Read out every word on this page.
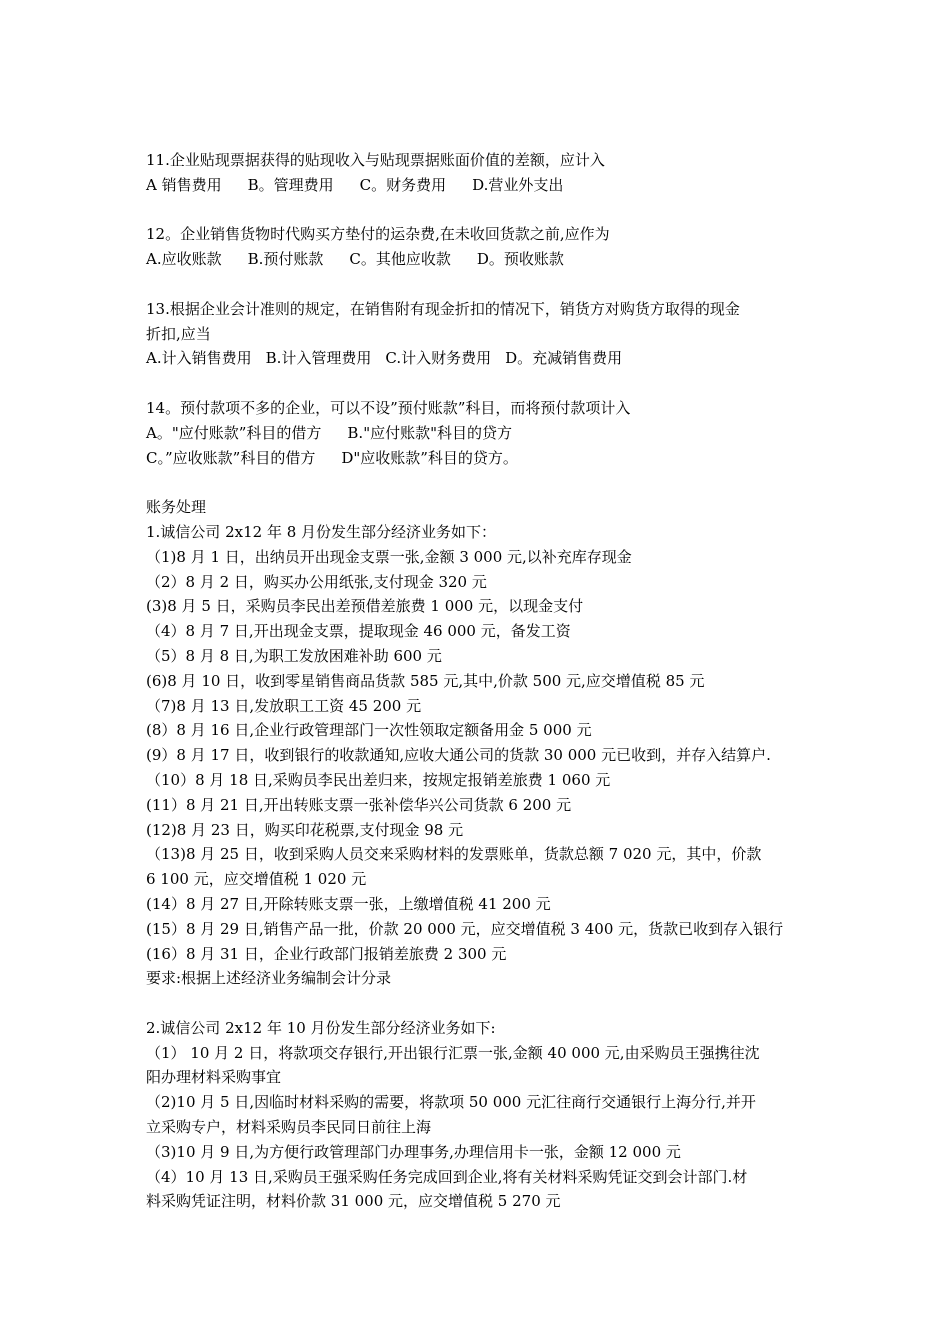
11.企业贴现票据获得的贴现收入与贴现票据账面价值的差额，应计入
A 销售费用 B。管理费用 C。财务费用 D.营业外支出
12。企业销售货物时代购买方垫付的运杂费,在未收回货款之前,应作为
A.应收账款 B.预付账款 C。其他应收款 D。预收账款
13.根据企业会计准则的规定，在销售附有现金折扣的情况下，销货方对购货方取得的现金
折扣,应当
A.计入销售费用 B.计入管理费用 C.计入财务费用 D。充减销售费用
14。预付款项不多的企业，可以不设”预付账款”科目，而将预付款项计入
A。"应付账款”科目的借方 B."应付账款"科目的贷方
C。”应收账款”科目的借方 D"应收账款”科目的贷方。
账务处理
1.诚信公司 2x12 年 8 月份发生部分经济业务如下：
（1)8 月 1 日，出纳员开出现金支票一张,金额 3 000 元,以补充库存现金
（2）8 月 2 日，购买办公用纸张,支付现金 320 元
(3)8 月 5 日，采购员李民出差预借差旅费 1 000 元，以现金支付
（4）8 月 7 日,开出现金支票，提取现金 46 000 元，备发工资
（5）8 月 8 日,为职工发放困难补助 600 元
(6)8 月 10 日，收到零星销售商品货款 585 元,其中,价款 500 元,应交增值税 85 元
（7)8 月 13 日,发放职工工资 45 200 元
(8）8 月 16 日,企业行政管理部门一次性领取定额备用金 5 000 元
(9）8 月 17 日，收到银行的收款通知,应收大通公司的货款 30 000 元已收到，并存入结算户.
（10）8 月 18 日,采购员李民出差归来，按规定报销差旅费 1 060 元
(11）8 月 21 日,开出转账支票一张补偿华兴公司货款 6 200 元
(12)8 月 23 日，购买印花税票,支付现金 98 元
（13)8 月 25 日，收到采购人员交来采购材料的发票账单，货款总额 7 020 元，其中，价款
6 100 元，应交增值税 1 020 元
(14）8 月 27 日,开除转账支票一张，上缴增值税 41 200 元
(15）8 月 29 日,销售产品一批，价款 20 000 元，应交增值税 3 400 元，货款已收到存入银行
(16）8 月 31 日，企业行政部门报销差旅费 2 300 元
要求:根据上述经济业务编制会计分录
2.诚信公司 2x12 年 10 月份发生部分经济业务如下:
（1） 10 月 2 日，将款项交存银行,开出银行汇票一张,金额 40 000 元,由采购员王强携往沈
阳办理材料采购事宜
（2)10 月 5 日,因临时材料采购的需要，将款项 50 000 元汇往商行交通银行上海分行,并开
立采购专户，材料采购员李民同日前往上海
（3)10 月 9 日,为方便行政管理部门办理事务,办理信用卡一张，金额 12 000 元
（4）10 月 13 日,采购员王强采购任务完成回到企业,将有关材料采购凭证交到会计部门.材
料采购凭证注明，材料价款 31 000 元，应交增值税 5 270 元
